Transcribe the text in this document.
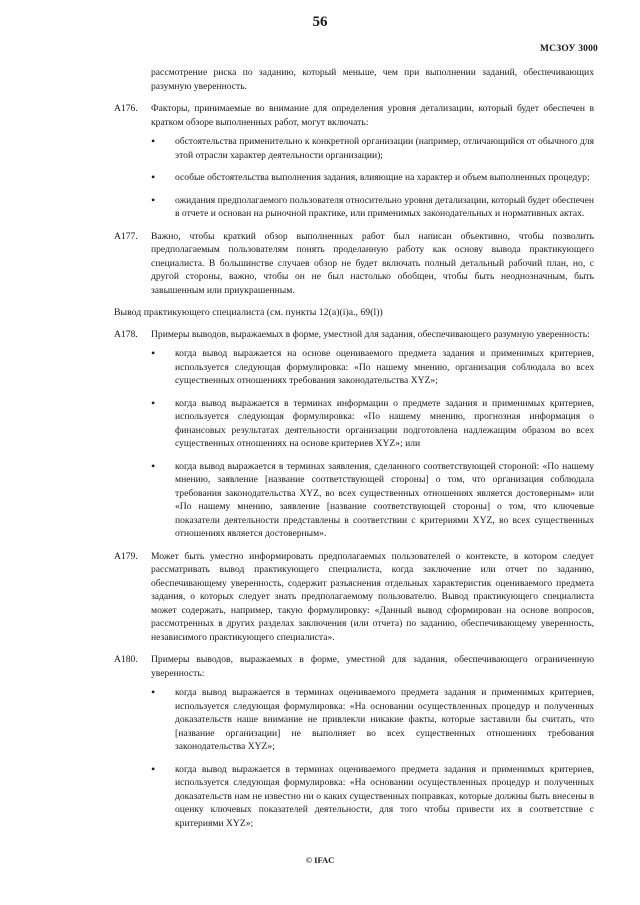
56
МСЗОУ 3000

рассмотрение риска по заданию, который меньше, чем при выполнении заданий, обеспечивающих разумную уверенность.

A176.	Факторы, принимаемые во внимание для определения уровня детализации, который будет обеспечен в кратком обзоре выполненных работ, могут включать:
• обстоятельства применительно к конкретной организации (например, отличающийся от обычного для этой отрасли характер деятельности организации);
• особые обстоятельства выполнения задания, влияющие на характер и объем выполненных процедур;
• ожидания предполагаемого пользователя относительно уровня детализации, который будет обеспечен в отчете и основан на рыночной практике, или применимых законодательных и нормативных актах.
A177.	Важно, чтобы краткий обзор выполненных работ был написан объективно, чтобы позволить предполагаемым пользователям понять проделанную работу как основу вывода практикующего специалиста. В большинстве случаев обзор не будет включать полный детальный рабочий план, но, с другой стороны, важно, чтобы он не был настолько обобщен, чтобы быть неоднозначным, быть завышенным или приукрашенным.
Вывод практикующего специалиста (см. пункты 12(a)(i)a., 69(l))
A178.	Примеры выводов, выражаемых в форме, уместной для задания, обеспечивающего разумную уверенность:
• когда вывод выражается на основе оцениваемого предмета задания и применимых критериев, используется следующая формулировка: «По нашему мнению, организация соблюдала во всех существенных отношениях требования законодательства XYZ»;
• когда вывод выражается в терминах информации о предмете задания и применимых критериев, используется следующая формулировка: «По нашему мнению, прогнозная информация о финансовых результатах деятельности организации подготовлена надлежащим образом во всех существенных отношениях на основе критериев XYZ»; или
• когда вывод выражается в терминах заявления, сделанного соответствующей стороной: «По нашему мнению, заявление [название соответствующей стороны] о том, что организация соблюдала требования законодательства XYZ, во всех существенных отношениях является достоверным» или «По нашему мнению, заявление [название соответствующей стороны] о том, что ключевые показатели деятельности представлены в соответствии с критериями XYZ, во всех существенных отношениях является достоверным».
A179.	Может быть уместно информировать предполагаемых пользователей о контексте, в котором следует рассматривать вывод практикующего специалиста, когда заключение или отчет по заданию, обеспечивающему уверенность, содержит разъяснения отдельных характеристик оцениваемого предмета задания, о которых следует знать предполагаемому пользователю. Вывод практикующего специалиста может содержать, например, такую формулировку: «Данный вывод сформирован на основе вопросов, рассмотренных в других разделах заключения (или отчета) по заданию, обеспечивающему уверенность, независимого практикующего специалиста».
A180.	Примеры выводов, выражаемых в форме, уместной для задания, обеспечивающего ограниченную уверенность:
• когда вывод выражается в терминах оцениваемого предмета задания и применимых критериев, используется следующая формулировка: «На основании осуществленных процедур и полученных доказательств наше внимание не привлекли никакие факты, которые заставили бы считать, что [название организации] не выполняет во всех существенных отношениях требования законодательства XYZ»;
• когда вывод выражается в терминах оцениваемого предмета задания и применимых критериев, используется следующая формулировка: «На основании осуществленных процедур и полученных доказательств нам не известно ни о каких существенных поправках, которые должны быть внесены в оценку ключевых показателей деятельности, для того чтобы привести их в соответствие с критериями XYZ»;
© IFAC
